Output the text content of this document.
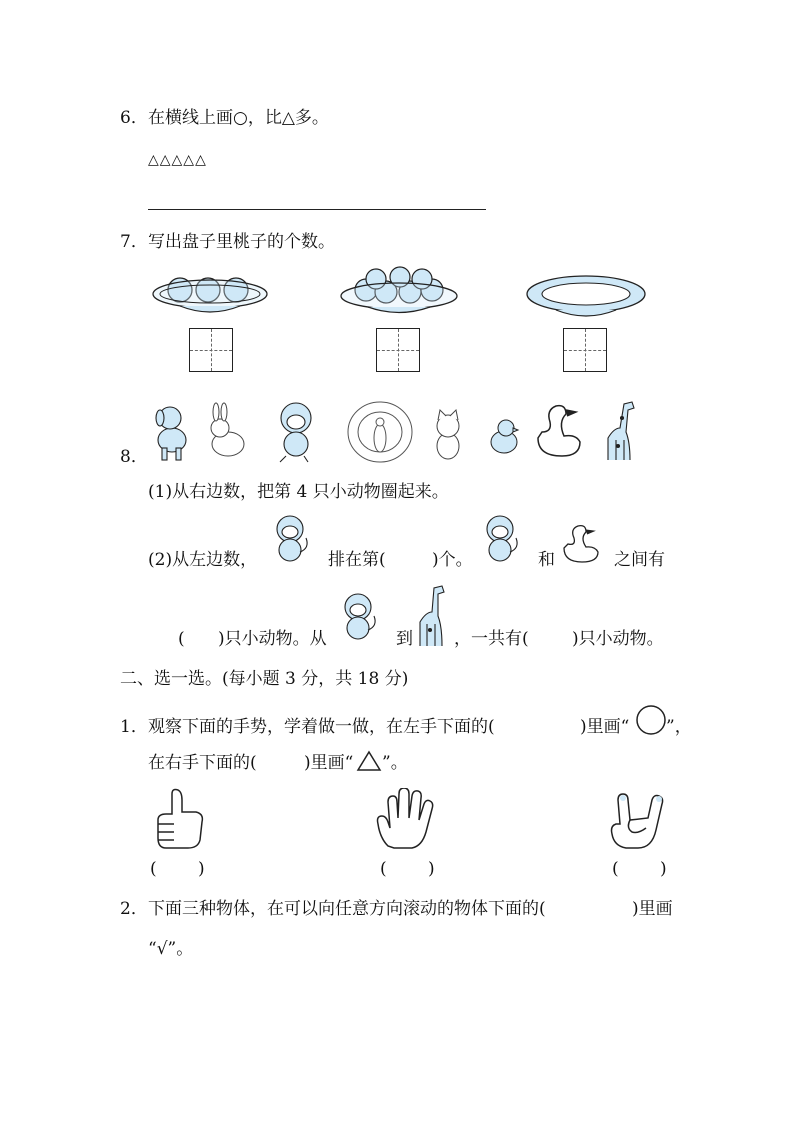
6． 在横线上画○，比△多。
△△△△△
7． 写出盘子里桃子的个数。
8．
(1)从右边数，把第 4 只小动物圈起来。
(2)从左边数，	排在第(	)个。	和	之间有
( )只小动物。从	到 ，一共有(	)只小动物。
二、选一选。(每小题 3 分，共 18 分)
1． 观察下面的手势，学着做一做，在左手下面的(	)里画“ ”，
在右手下面的(	)里画“ ”。
( )	( )	( )
2． 下面三种物体，在可以向任意方向滚动的物体下面的(	)里画
“√”。
